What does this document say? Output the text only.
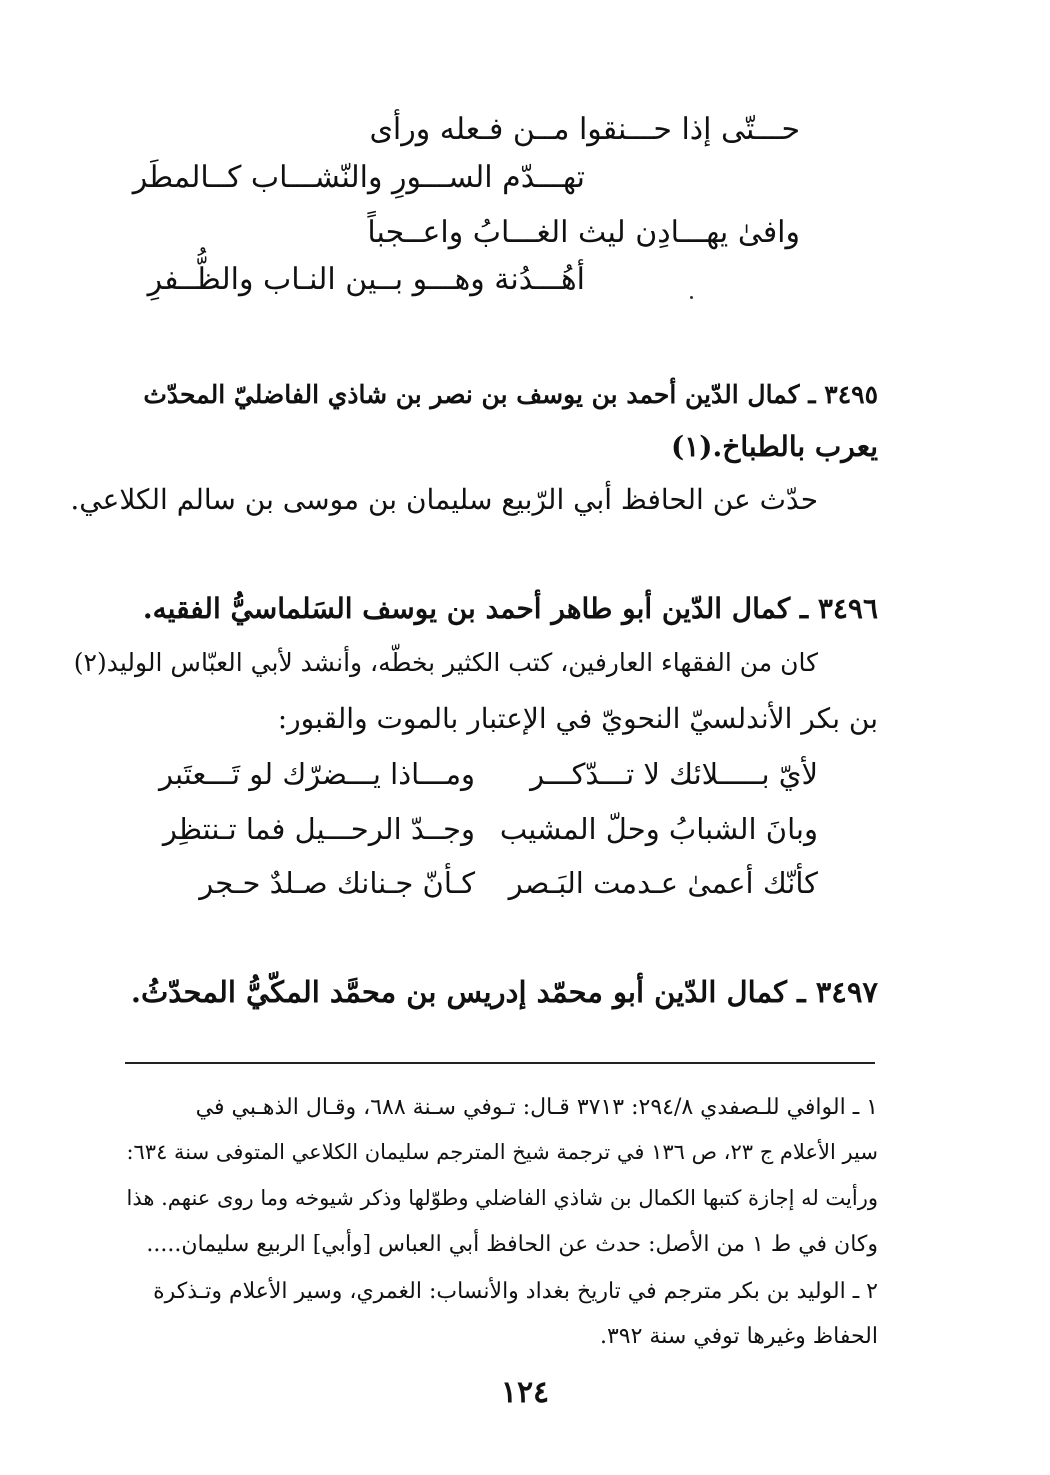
حـــتّى إذا حـــنقوا مــن فـعله ورأى
تهـــدّم الســـورِ والنّشـــاب كــالمطَر
وافىٰ يهـــادِن ليث الغـــابُ واعــجباً
أهُـــدُنة وهـــو بــين النـاب والظُّــفرِ
٣٤٩٥ ـ كمال الدّين أحمد بن يوسف بن نصر بن شاذي الفاضليّ المحدّث
يعرب بالطباخ.(١)
حدّث عن الحافظ أبي الرّبيع سليمان بن موسى بن سالم الكلاعي.
٣٤٩٦ ـ كمال الدّين أبو طاهر أحمد بن يوسف السَلماسيُّ الفقيه.
كان من الفقهاء العارفين، كتب الكثير بخطّه، وأنشد لأبي العبّاس الوليد(٢)
بن بكر الأندلسيّ النحويّ في الإعتبار بالموت والقبور:
لأيّ بـــــلائك لا تـــدّكـــر
ومـــاذا يـــضرّك لو تَـــعتَبر
وبانَ الشبابُ وحلّ المشيب
وجــدّ الرحـــيل فما تـنتظِر
كأنّك أعمىٰ عـدمت البَـصر
كـأنّ جـنانك صـلدٌ حـجر
٣٤٩٧ ـ كمال الدّين أبو محمّد إدريس بن محمَّد المكّيُّ المحدّثُ.
١ ـ الوافي للـصفدي ٢٩٤/٨: ٣٧١٣ قـال: تـوفي سـنة ٦٨٨، وقـال الذهـبي في
سير الأعلام ج ٢٣، ص ١٣٦ في ترجمة شيخ المترجم سليمان الكلاعي المتوفى سنة ٦٣٤:
ورأيت له إجازة كتبها الكمال بن شاذي الفاضلي وطوّلها وذكر شيوخه وما روى عنهم. هذا
وكان في ط ١ من الأصل: حدث عن الحافظ أبي العباس [وأبي] الربيع سليمان.....
٢ ـ الوليد بن بكر مترجم في تاريخ بغداد والأنساب: الغمري، وسير الأعلام وتـذكرة
الحفاظ وغيرها توفي سنة ٣٩٢.
١٢٤
